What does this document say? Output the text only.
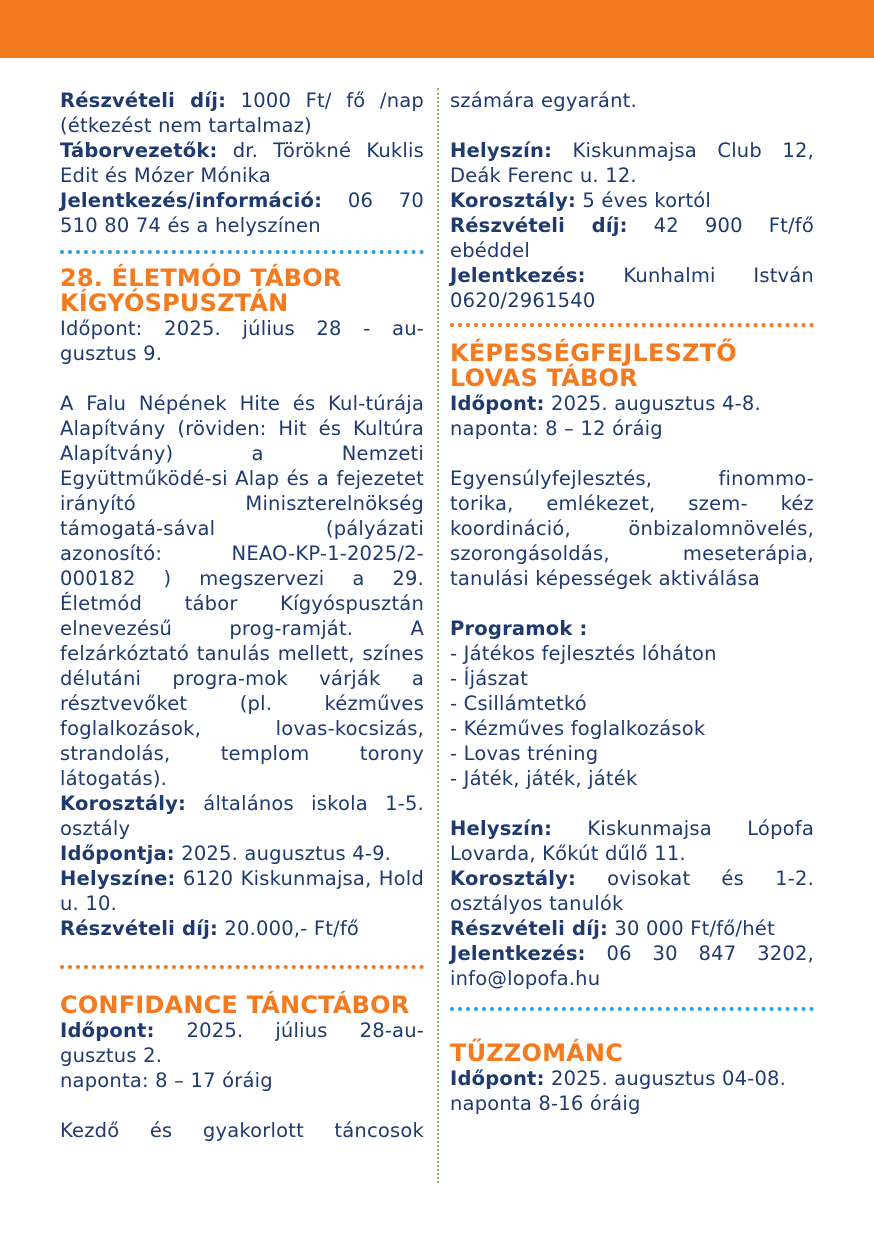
Részvételi díj: 1000 Ft/ fő /nap (étkezést nem tartalmaz)

Táborvezetők: dr. Törökné Kuklis Edit és Mózer Mónika

Jelentkezés/információ: 06 70 510 80 74 és a helyszínen

28. ÉLETMÓD TÁBOR
KÍGYÓSPUSZTÁN

Időpont: 2025. július 28 - au-

gusztus 9.

A Falu Népének Hite és Kul-túrája Alapítvány (röviden: Hit és Kultúra Alapítvány) a Nemzeti Együttműködé-si Alap és a fejezetet irányító Miniszterelnökség támogatá-sával (pályázati azonosító: NEAO-KP-1-2025/2-000182 ) megszervezi a 29. Életmód tábor Kígyóspusztán elnevezésű prog-ramját. A felzárkóztató tanulás mellett, színes délutáni progra-mok várják a résztvevőket (pl. kézműves foglalkozások, lovas-kocsizás, strandolás, templom torony látogatás).

Korosztály: általános iskola 1-5. osztály

Időpontja: 2025. augusztus 4-9.

Helyszíne: 6120 Kiskunmajsa, Hold u. 10.

Részvételi díj: 20.000,- Ft/fő

CONFIDANCE TÁNCTÁBOR

Időpont: 2025. július 28-au-gusztus 2.

naponta: 8 – 17 óráig

Kezdő és gyakorlott táncosok

számára egyaránt.

Helyszín: Kiskunmajsa Club 12, Deák Ferenc u. 12.

Korosztály: 5 éves kortól

Részvételi díj: 42 900 Ft/fő ebéddel

Jelentkezés: Kunhalmi István 0620/2961540

KÉPESSÉGFEJLESZTŐ
LOVAS TÁBOR

Időpont: 2025. augusztus 4-8.

naponta: 8 – 12 óráig

Egyensúlyfejlesztés, finommo-torika, emlékezet, szem- kéz koordináció, önbizalomnövelés, szorongásoldás, meseterápia, tanulási képességek aktiválása

Programok :

- Játékos fejlesztés lóháton
- Íjászat
- Csillámtetkó
- Kézműves foglalkozások
- Lovas tréning
- Játék, játék, játék

Helyszín: Kiskunmajsa Lópofa Lovarda, Kőkút dűlő 11.

Korosztály: ovisokat és 1-2. osztályos tanulók

Részvételi díj: 30 000 Ft/fő/hét

Jelentkezés: 06 30 847 3202, info@lopofa.hu

TŰZZOMÁNC

Időpont: 2025. augusztus 04-08.

naponta 8-16 óráig
